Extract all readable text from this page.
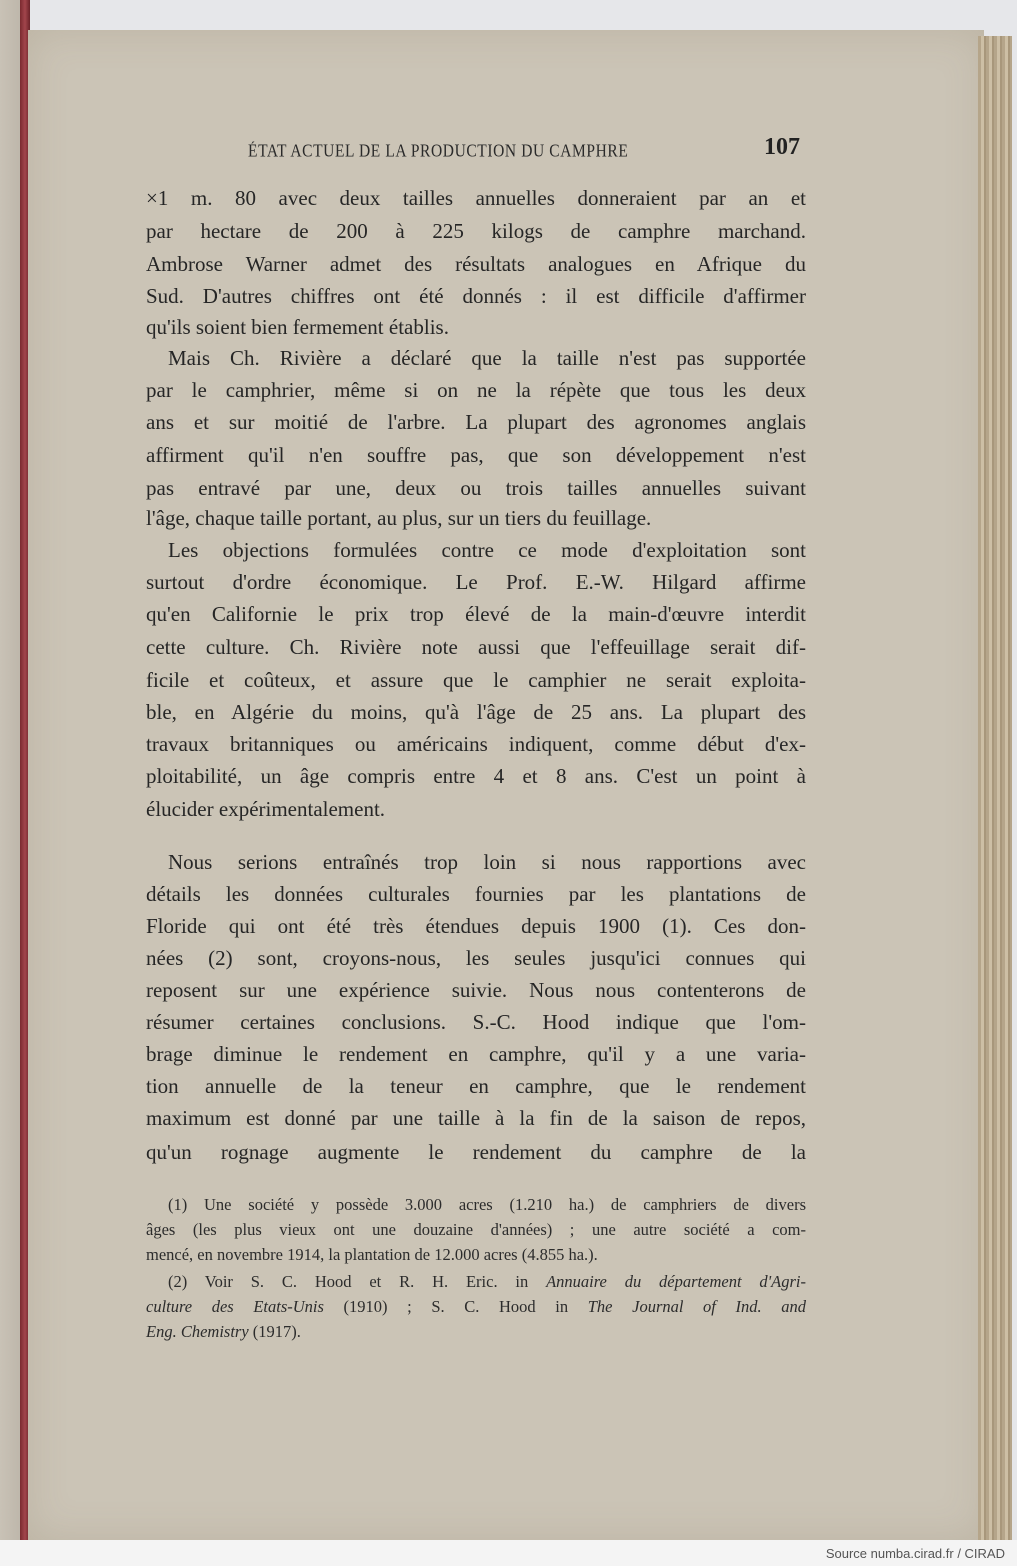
ÉTAT ACTUEL DE LA PRODUCTION DU CAMPHRE	107
×1 m. 80 avec deux tailles annuelles donneraient par an et
par hectare de 200 à 225 kilogs de camphre marchand.
Ambrose Warner admet des résultats analogues en Afrique du
Sud. D'autres chiffres ont été donnés : il est difficile d'affirmer
qu'ils soient bien fermement établis.
Mais Ch. Rivière a déclaré que la taille n'est pas supportée
par le camphrier, même si on ne la répète que tous les deux
ans et sur moitié de l'arbre. La plupart des agronomes anglais
affirment qu'il n'en souffre pas, que son développement n'est
pas entravé par une, deux ou trois tailles annuelles suivant
l'âge, chaque taille portant, au plus, sur un tiers du feuillage.
Les objections formulées contre ce mode d'exploitation sont
surtout d'ordre économique. Le Prof. E.-W. Hilgard affirme
qu'en Californie le prix trop élevé de la main-d'œuvre interdit
cette culture. Ch. Rivière note aussi que l'effeuillage serait dif-
ficile et coûteux, et assure que le camphier ne serait exploita-
ble, en Algérie du moins, qu'à l'âge de 25 ans. La plupart des
travaux britanniques ou américains indiquent, comme début d'ex-
ploitabilité, un âge compris entre 4 et 8 ans. C'est un point à
élucider expérimentalement.
Nous serions entraînés trop loin si nous rapportions avec
détails les données culturales fournies par les plantations de
Floride qui ont été très étendues depuis 1900 (1). Ces don-
nées (2) sont, croyons-nous, les seules jusqu'ici connues qui
reposent sur une expérience suivie. Nous nous contenterons de
résumer certaines conclusions. S.-C. Hood indique que l'om-
brage diminue le rendement en camphre, qu'il y a une varia-
tion annuelle de la teneur en camphre, que le rendement
maximum est donné par une taille à la fin de la saison de repos,
qu'un rognage augmente le rendement du camphre de la
(1) Une société y possède 3.000 acres (1.210 ha.) de camphriers de divers
âges (les plus vieux ont une douzaine d'années) ; une autre société a com-
mencé, en novembre 1914, la plantation de 12.000 acres (4.855 ha.).
(2) Voir S. C. Hood et R. H. Eric. in Annuaire du département d'Agri-
culture des Etats-Unis (1910) ; S. C. Hood in The Journal of Ind. and
Eng. Chemistry (1917).
Source numba.cirad.fr / CIRAD
